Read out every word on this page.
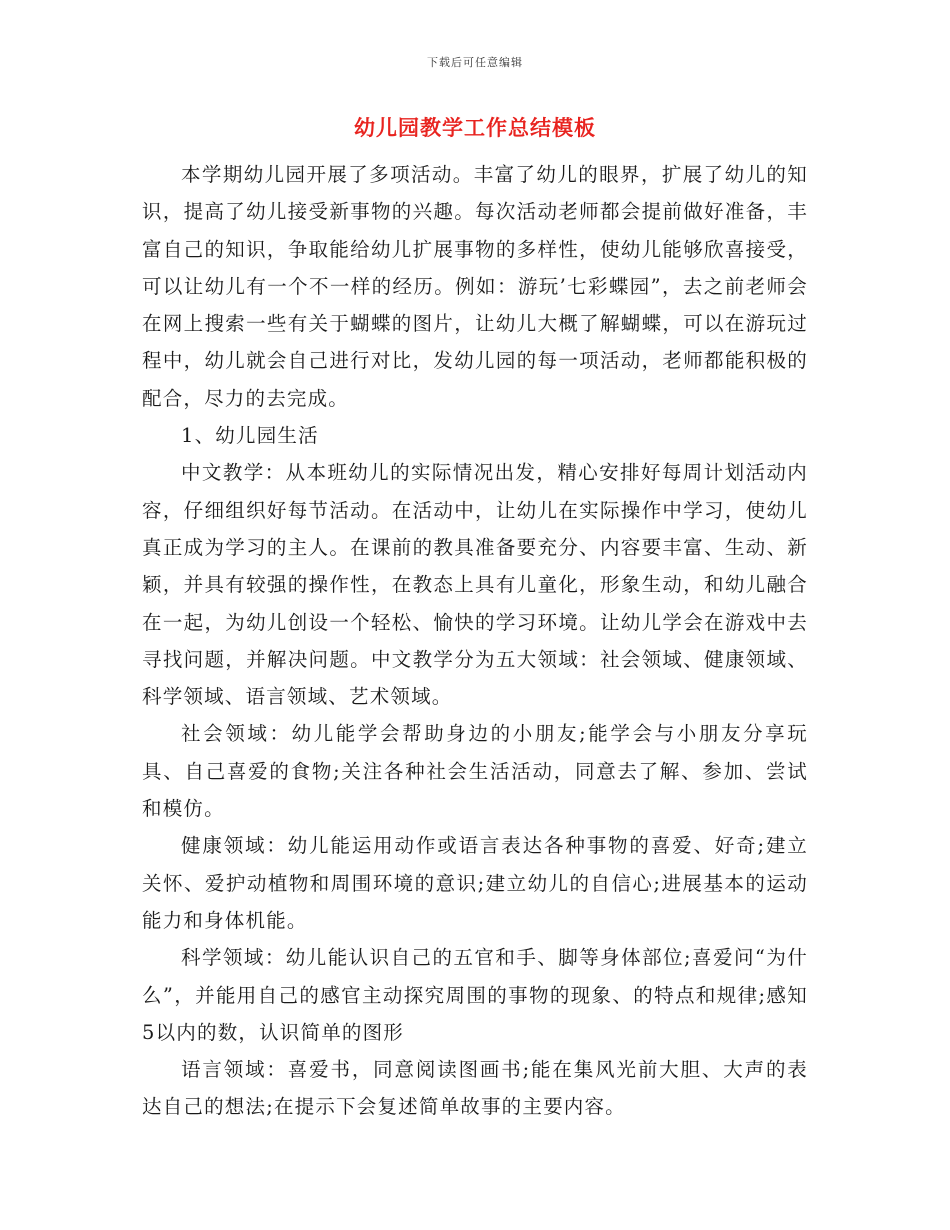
下载后可任意编辑
幼儿园教学工作总结模板

本学期幼儿园开展了多项活动。丰富了幼儿的眼界，扩展了幼儿的知识，提高了幼儿接受新事物的兴趣。每次活动老师都会提前做好准备，丰富自己的知识，争取能给幼儿扩展事物的多样性，使幼儿能够欣喜接受，可以让幼儿有一个不一样的经历。例如：游玩’七彩蝶园”，去之前老师会在网上搜索一些有关于蝴蝶的图片，让幼儿大概了解蝴蝶，可以在游玩过程中，幼儿就会自己进行对比，发幼儿园的每一项活动，老师都能积极的配合，尽力的去完成。

1、幼儿园生活

中文教学：从本班幼儿的实际情况出发，精心安排好每周计划活动内容，仔细组织好每节活动。在活动中，让幼儿在实际操作中学习，使幼儿真正成为学习的主人。在课前的教具准备要充分、内容要丰富、生动、新颖，并具有较强的操作性，在教态上具有儿童化，形象生动，和幼儿融合在一起，为幼儿创设一个轻松、愉快的学习环境。让幼儿学会在游戏中去寻找问题，并解决问题。中文教学分为五大领域：社会领域、健康领域、科学领域、语言领域、艺术领域。

社会领域：幼儿能学会帮助身边的小朋友;能学会与小朋友分享玩具、自己喜爱的食物;关注各种社会生活活动，同意去了解、参加、尝试和模仿。

健康领域：幼儿能运用动作或语言表达各种事物的喜爱、好奇;建立关怀、爱护动植物和周围环境的意识;建立幼儿的自信心;进展基本的运动能力和身体机能。

科学领域：幼儿能认识自己的五官和手、脚等身体部位;喜爱问“为什么”，并能用自己的感官主动探究周围的事物的现象、的特点和规律;感知5以内的数，认识简单的图形

语言领域：喜爱书，同意阅读图画书;能在集风光前大胆、大声的表达自己的想法;在提示下会复述简单故事的主要内容。
